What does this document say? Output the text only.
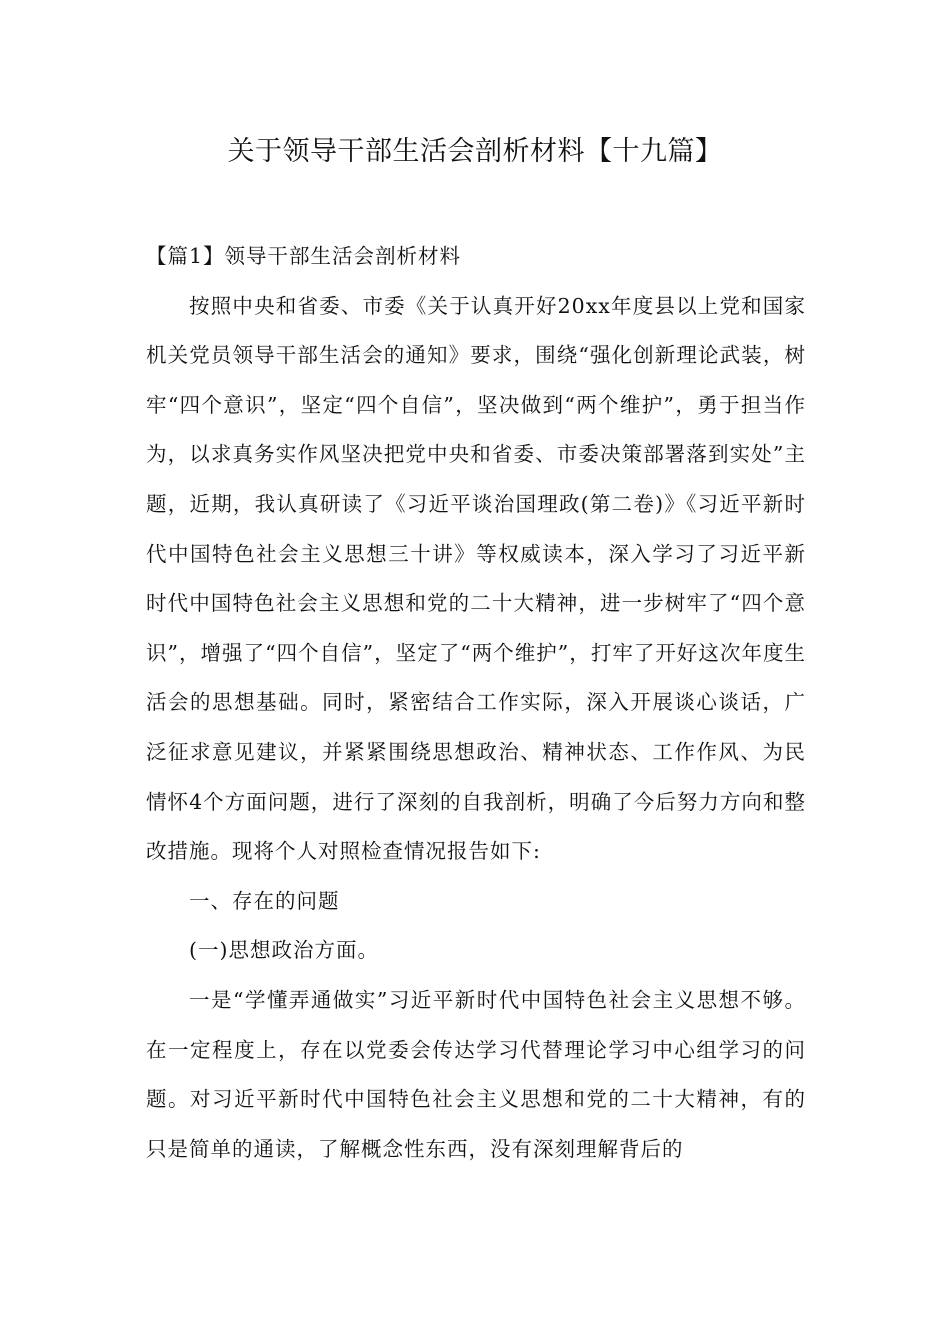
关于领导干部生活会剖析材料【十九篇】

【篇1】领导干部生活会剖析材料

按照中央和省委、市委《关于认真开好20xx年度县以上党和国家机关党员领导干部生活会的通知》要求，围绕“强化创新理论武装，树牢“四个意识”，坚定“四个自信”，坚决做到“两个维护”，勇于担当作为，以求真务实作风坚决把党中央和省委、市委决策部署落到实处”主题，近期，我认真研读了《习近平谈治国理政(第二卷)》《习近平新时代中国特色社会主义思想三十讲》等权威读本，深入学习了习近平新时代中国特色社会主义思想和党的二十大精神，进一步树牢了“四个意识”，增强了“四个自信”，坚定了“两个维护”，打牢了开好这次年度生活会的思想基础。同时，紧密结合工作实际，深入开展谈心谈话，广泛征求意见建议，并紧紧围绕思想政治、精神状态、工作作风、为民情怀4个方面问题，进行了深刻的自我剖析，明确了今后努力方向和整改措施。现将个人对照检查情况报告如下:

一、存在的问题

(一)思想政治方面。

一是“学懂弄通做实”习近平新时代中国特色社会主义思想不够。在一定程度上，存在以党委会传达学习代替理论学习中心组学习的问题。对习近平新时代中国特色社会主义思想和党的二十大精神，有的只是简单的通读，了解概念性东西，没有深刻理解背后的
